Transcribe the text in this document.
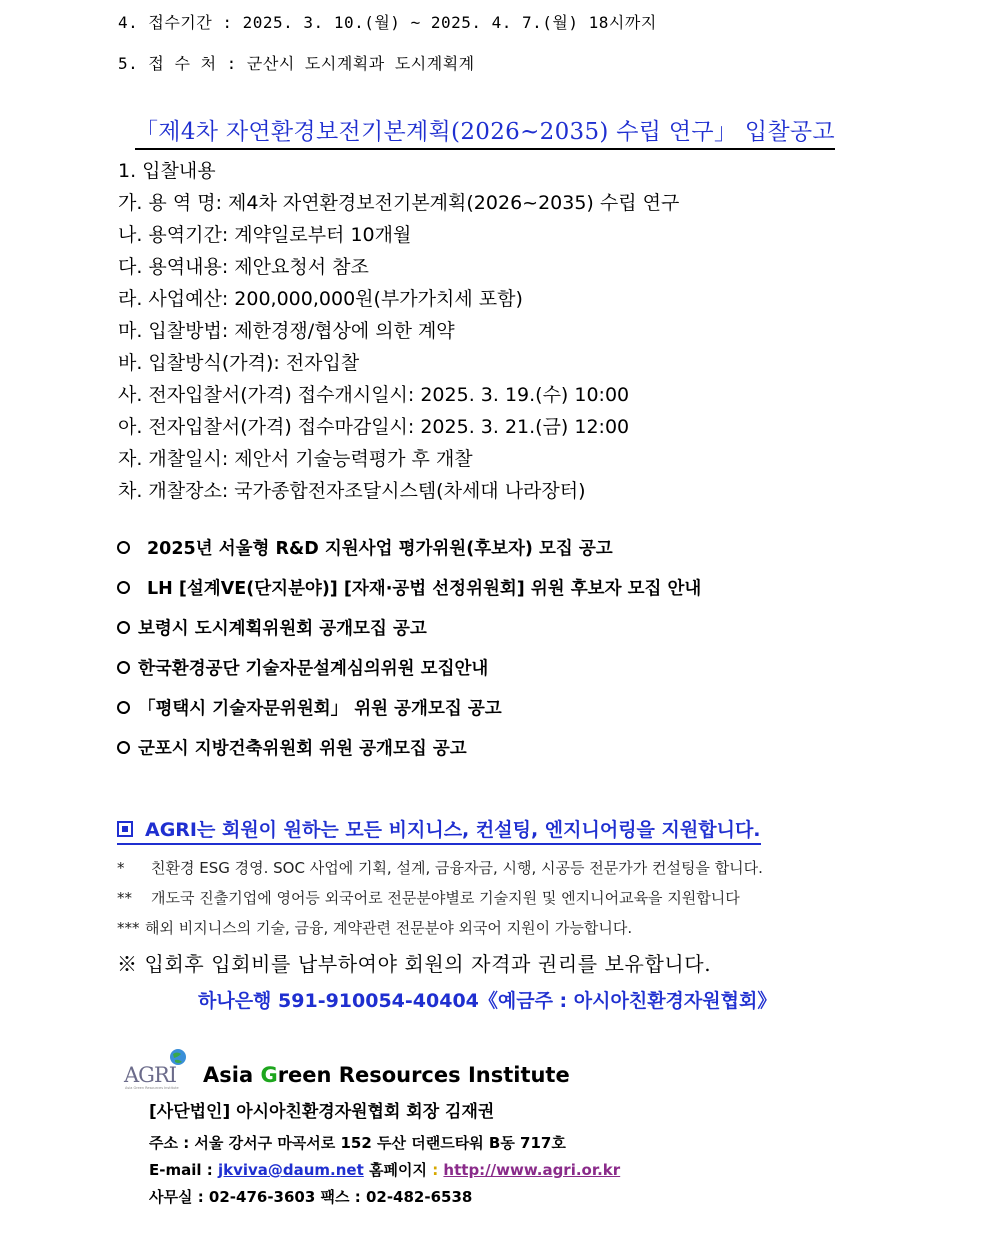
4. 접수기간 : 2025. 3. 10.(월) ~ 2025. 4. 7.(월) 18시까지
5. 접 수 처 : 군산시 도시계획과 도시계획계
「제4차 자연환경보전기본계획(2026~2035) 수립 연구」 입찰공고
1. 입찰내용
가. 용 역 명: 제4차 자연환경보전기본계획(2026~2035) 수립 연구
나. 용역기간: 계약일로부터 10개월
다. 용역내용: 제안요청서 참조
라. 사업예산: 200,000,000원(부가가치세 포함)
마. 입찰방법: 제한경쟁/협상에 의한 계약
바. 입찰방식(가격): 전자입찰
사. 전자입찰서(가격) 접수개시일시: 2025. 3. 19.(수) 10:00
아. 전자입찰서(가격) 접수마감일시: 2025. 3. 21.(금) 12:00
자. 개찰일시: 제안서 기술능력평가 후 개찰
차. 개찰장소: 국가종합전자조달시스템(차세대 나라장터)
2025년 서울형 R&D 지원사업 평가위원(후보자) 모집 공고
LH [설계VE(단지분야)] [자재·공법 선정위원회] 위원 후보자 모집 안내
보령시 도시계획위원회 공개모집 공고
한국환경공단 기술자문설계심의위원 모집안내
「평택시 기술자문위원회」 위원 공개모집 공고
군포시 지방건축위원회 위원 공개모집 공고
AGRI는 회원이 원하는 모든 비지니스, 컨설팅, 엔지니어링을 지원합니다.
* 친환경 ESG 경영. SOC 사업에 기획, 설계, 금융자금, 시행, 시공등 전문가가 컨설팅을 합니다.
** 개도국 진출기업에 영어등 외국어로 전문분야별로 기술지원 및 엔지니어교육을 지원합니다
*** 해외 비지니스의 기술, 금융, 계약관련 전문분야 외국어 지원이 가능합니다.
※ 입회후 입회비를 납부하여야 회원의 자격과 권리를 보유합니다.
하나은행 591-910054-40404《예금주 : 아시아친환경자원협회》
AGRI
Asia Green Resources Institute
Asia Green Resources Institute
[사단법인] 아시아친환경자원협회 회장 김재권
주소 : 서울 강서구 마곡서로 152 두산 더랜드타워 B동 717호
E-mail : jkviva@daum.net 홈페이지 : http://www.agri.or.kr
사무실 : 02-476-3603 팩스 : 02-482-6538
